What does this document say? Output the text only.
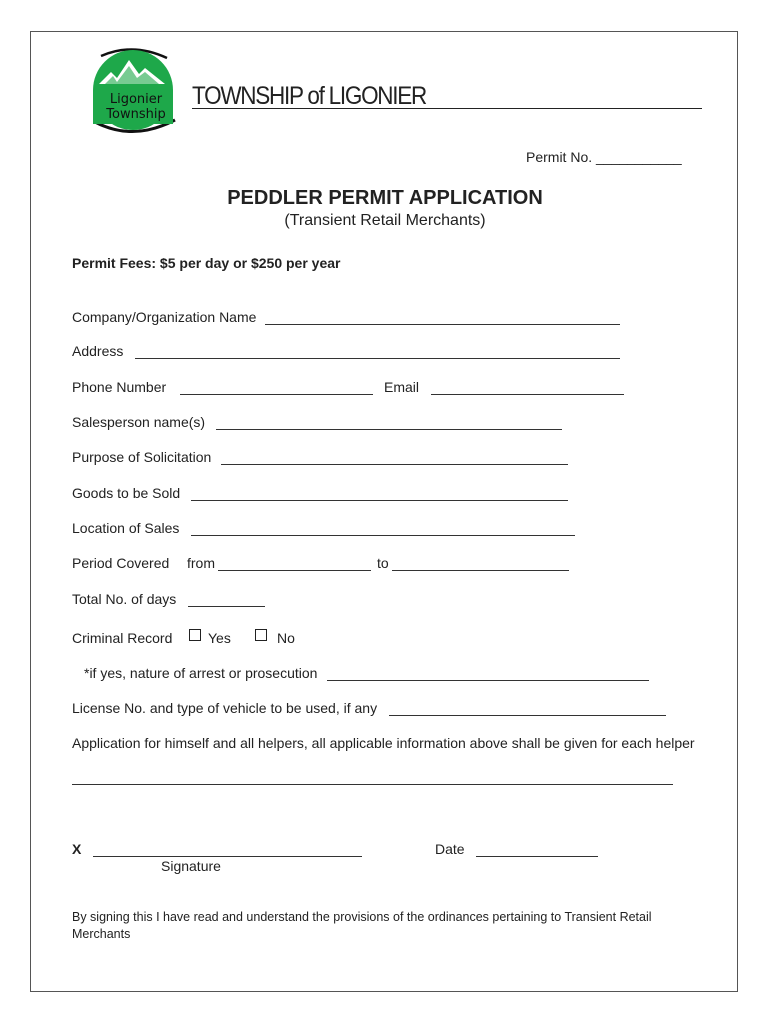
Ligonier
Township
TOWNSHIP of LIGONIER
Permit No. ___________
PEDDLER PERMIT APPLICATION
(Transient Retail Merchants)
Permit Fees: $5 per day or $250 per year
Company/Organization Name
Address
Phone Number	Email
Salesperson name(s)
Purpose of Solicitation
Goods to be Sold
Location of Sales
Period Covered from	to
Total No. of days
Criminal Record	Yes	No
*if yes, nature of arrest or prosecution
License No. and type of vehicle to be used, if any
Application for himself and all helpers, all applicable information above shall be given for each helper
X
Signature
Date
By signing this I have read and understand the provisions of the ordinances pertaining to Transient Retail
Merchants
